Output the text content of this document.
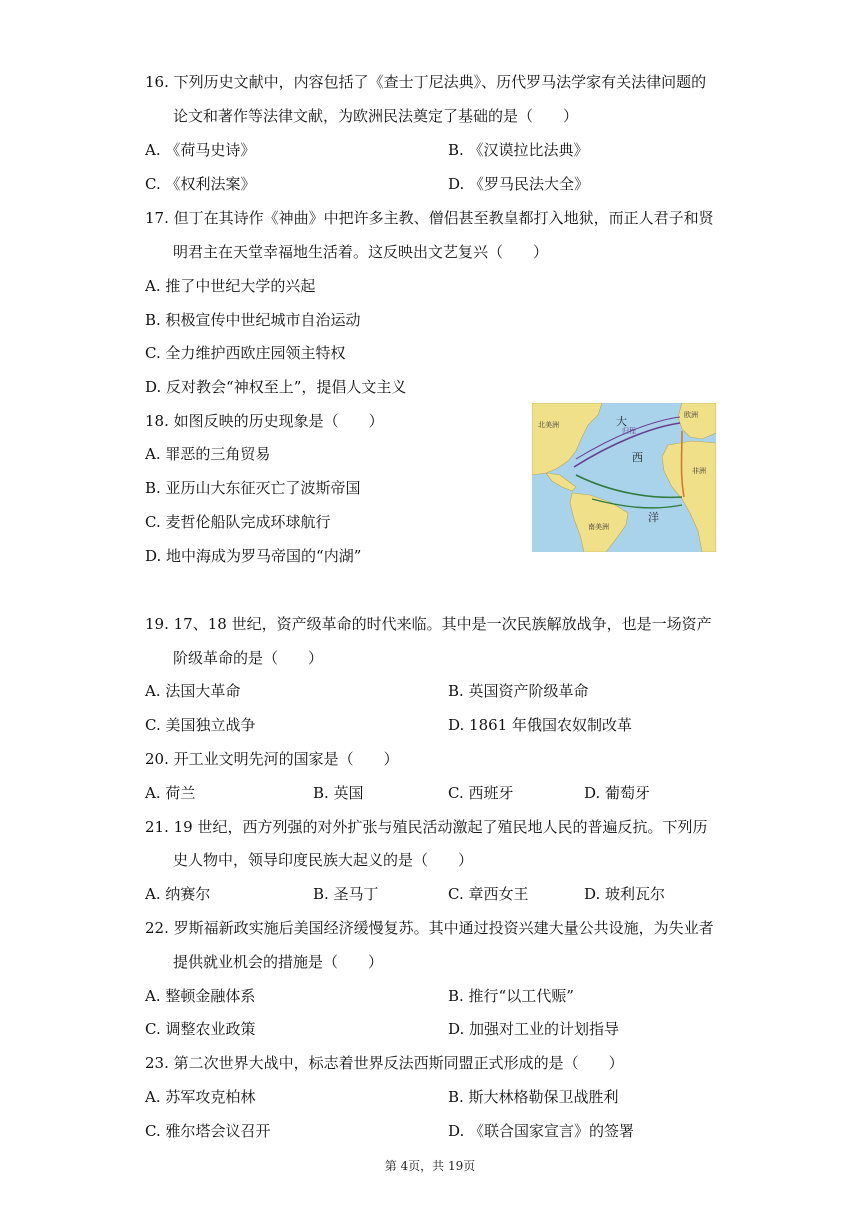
16. 下列历史文献中，内容包括了《查士丁尼法典》、历代罗马法学家有关法律问题的
论文和著作等法律文献，为欧洲民法奠定了基础的是（　　）
A. 《荷马史诗》	B. 《汉谟拉比法典》
C. 《权利法案》	D. 《罗马民法大全》
17. 但丁在其诗作《神曲》中把许多主教、僧侣甚至教皇都打入地狱，而正人君子和贤
明君主在天堂幸福地生活着。这反映出文艺复兴（　　）
A. 推了中世纪大学的兴起
B. 积极宣传中世纪城市自治运动
C. 全力维护西欧庄园领主特权
D. 反对教会“神权至上”，提倡人文主义
18. 如图反映的历史现象是（　　）
A. 罪恶的三角贸易
B. 亚历山大东征灭亡了波斯帝国
C. 麦哲伦船队完成环球航行
D. 地中海成为罗马帝国的“内湖”
北美洲
欧洲
非洲
南美洲
归程
大
西
洋
19. 17、18 世纪，资产级革命的时代来临。其中是一次民族解放战争，也是一场资产
阶级革命的是（　　）
A. 法国大革命	B. 英国资产阶级革命
C. 美国独立战争	D. 1861 年俄国农奴制改革
20. 开工业文明先河的国家是（　　）
A. 荷兰	B. 英国	C. 西班牙	D. 葡萄牙
21. 19 世纪，西方列强的对外扩张与殖民活动激起了殖民地人民的普遍反抗。下列历
史人物中，领导印度民族大起义的是（　　）
A. 纳赛尔	B. 圣马丁	C. 章西女王	D. 玻利瓦尔
22. 罗斯福新政实施后美国经济缓慢复苏。其中通过投资兴建大量公共设施，为失业者
提供就业机会的措施是（　　）
A. 整顿金融体系	B. 推行“以工代赈”
C. 调整农业政策	D. 加强对工业的计划指导
23. 第二次世界大战中，标志着世界反法西斯同盟正式形成的是（　　）
A. 苏军攻克柏林	B. 斯大林格勒保卫战胜利
C. 雅尔塔会议召开	D. 《联合国家宣言》的签署
第 4页，共 19页
